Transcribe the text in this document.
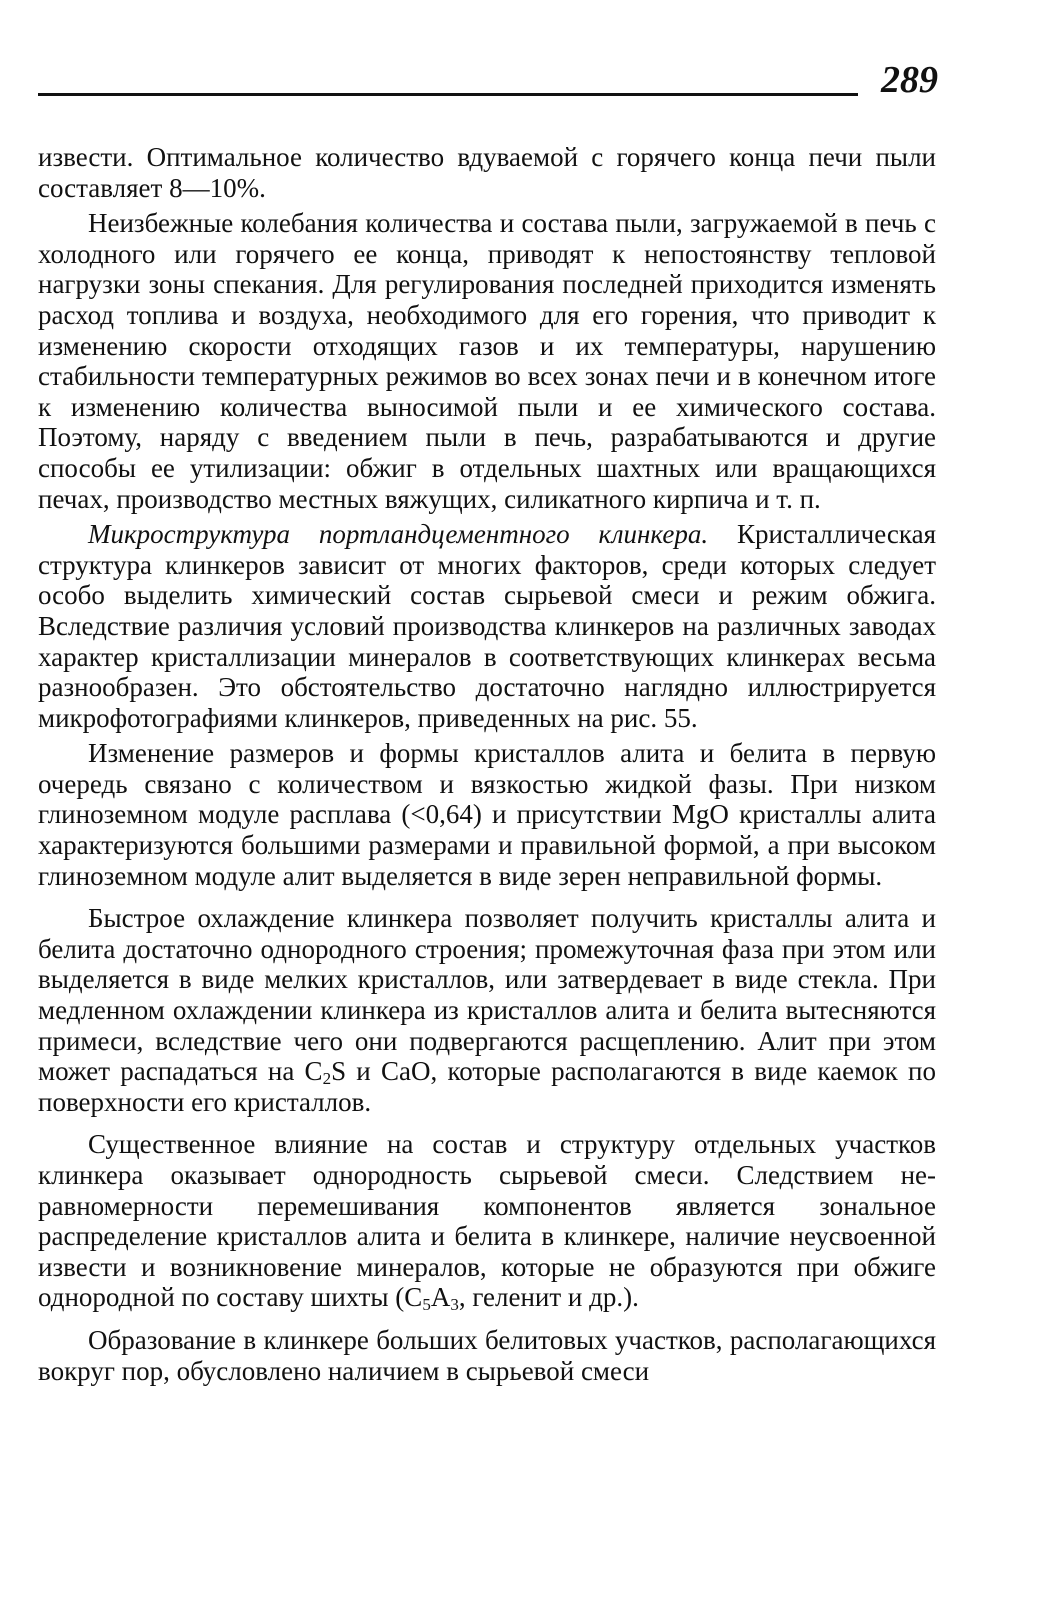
289

извести. Оптимальное количество вдуваемой с горячего конца печи пыли составляет 8—10%.

Неизбежные колебания количества и состава пыли, загружаемой в печь с холодного или горячего ее конца, приводят к непостоянству тепловой нагрузки зоны спекания. Для регулирования последней приходится изменять расход топлива и воздуха, необходимого для его горения, что приводит к изменению скорости отходящих газов и их температуры, нарушению стабильности температурных режимов во всех зонах печи и в конечном итоге к изменению количества выносимой пыли и ее химического состава. Поэтому, наряду с введением пыли в печь, разрабатываются и другие способы ее утилизации: обжиг в отдельных шахтных или вращающихся печах, производство местных вяжущих, силикатного кирпича и т. п.

Микроструктура портландцементного клинкера. Кристаллическая структура клинкеров зависит от многих факторов, среди которых следует особо выделить химический состав сырьевой смеси и режим обжига. Вследствие различия условий производства клинкеров на различных заводах характер кристаллизации минералов в соответствующих клинкерах весьма разнообразен. Это обстоятельство достаточно наглядно иллюстрируется микрофотографиями клинкеров, приведенных на рис. 55.

Изменение размеров и формы кристаллов алита и белита в первую очередь связано с количеством и вязкостью жидкой фазы. При низком глиноземном модуле расплава (<0,64) и присутствии MgO кристаллы алита характеризуются большими размерами и правильной формой, а при высоком глиноземном модуле алит выделяется в виде зерен неправильной формы.

Быстрое охлаждение клинкера позволяет получить кристаллы алита и белита достаточно однородного строения; промежуточная фаза при этом или выделяется в виде мелких кристаллов, или затвердевает в виде стекла. При медленном охлаждении клинкера из кристаллов алита и белита вытесняются примеси, вследствие чего они подвергаются расщеплению. Алит при этом может распадаться на $C_2S$ и CaO, которые располагаются в виде каемок по поверхности его кристаллов.

Существенное влияние на состав и структуру отдельных участков клинкера оказывает однородность сырьевой смеси. Следствием неравномерности перемешивания компонентов является зональное распределение кристаллов алита и белита в клинкере, наличие неусвоенной извести и возникновение минералов, которые не образуются при обжиге однородной по составу шихты ($C_5A_3$, геленит и др.).

Образование в клинкере больших белитовых участков, располагающихся вокруг пор, обусловлено наличием в сырьевой смеси
